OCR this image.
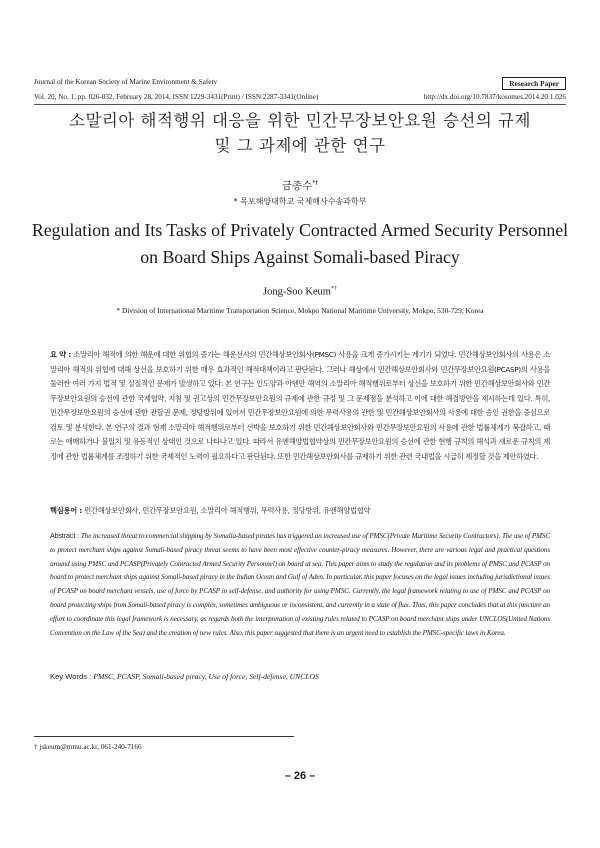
Journal of the Korean Society of Marine Environment & Safety	Research Paper
Vol. 20, No. 1, pp. 026-032, February 28, 2014, ISSN 1229-3431(Print) / ISSN 2287-3341(Online)	http://dx.doi.org/10.7837/kosomes.2014.20.1.026
소말리아 해적행위 대응을 위한 민간무장보안요원 승선의 규제
및 그 과제에 관한 연구
금종수*†
* 목포해양대학교 국제해사수송과학부
Regulation and Its Tasks of Privately Contracted Armed Security Personnel
on Board Ships Against Somali-based Piracy
Jong-Soo Keum*†
* Division of International Maritime Transportation Science, Mokpo National Maritime University, Mokpo, 530-729, Korea
요 약 : 소말리아 해적에 의한 해운에 대한 위협의 증가는 해운선사의 민간해상보안회사(PMSC) 사용을 크게 증가시키는 계기가 되었다. 민간해상보안회사의 사용은 소말리아 해적의 위협에 대해 상선을 보호하기 위한 매우 효과적인 해적대책이라고 판단된다. 그러나 해상에서 민간해상보안회사와 민간무장보안요원(PCASP)의 사용을 둘러싼 여러 가지 법적 및 실질적인 문제가 발생하고 있다. 본 연구는 인도양과 아덴만 해역의 소말리아 해적행위로부터 상선을 보호하기 위한 민간해상보안회사와 민간무장보안요원의 승선에 관한 국제협약, 지침 및 권고상의 민간무장보안요원의 규제에 관한 규정 및 그 문제점을 분석하고 이에 대한 해결방안을 제시하는데 있다. 특히, 민간무장보안요원의 승선에 관한 관할권 문제, 정당방위에 있어서 민간무장보안요원에 의한 무력사용의 관한 및 민간해상보안회사의 사용에 대한 승인 권한을 중심으로 검토 및 분석한다. 본 연구의 결과 현재 소말리아 해적행위로부터 선박을 보호하기 위한 민간해상보안회사와 민간무장보안요원의 사용에 관한 법률체계가 복잡하고, 때로는 애매하거나 불일치 및 유동적인 상태인 것으로 나타나고 있다. 따라서 유엔해양법협약상의 민간무장보안요원의 승선에 관한 현행 규칙의 해석과 새로운 규칙의 제정에 관한 법률체계를 조정하기 위한 국제적인 노력이 필요하다고 판단된다. 또한 민간해상보안회사를 규제하기 위한 관련 국내법을 시급히 제정할 것을 제안하였다.
핵심용어 : 민간해상보안회사, 민간무장보안요원, 소말리아 해적행위, 무력사용, 정당방위, 유엔해양법협약
Abstract : The increased threat to commercial shipping by Somalia-based pirates has triggered an increased use of PMSC(Private Maritime Security Contractors). The use of PMSC to protect merchant ships against Somali-based piracy threat seems to have been most effective counter-piracy measures. However, there are various legal and practical questions around using PMSC and PCASP(Privately Contracted Armed Security Personnel) on board at sea. This paper aims to study the regulation and its problems of PMSC and PCASP on board to protect merchant ships against Somali-based piracy in the Indian Ocean and Gulf of Aden. In particular, this paper focuses on the legal issues including jurisdictional issues of PCASP on board merchant vessels, use of force by PCASP in self-defense, and authority for using PMSC. Currently, the legal framework relating to use of PMSC and PCASP on board protecting ships from Somali-based piracy is complex, sometimes ambiguous or inconsistent, and currently in a state of flux. Thus, this paper concludes that at this juncture an effort to coordinate this legal framework is necessary, as regards both the interpretation of existing rules related to PCASP on board merchant ships under UNCLOS(United Nations Convention on the Law of the Sea) and the creation of new rules. Also, this paper suggested that there is an urgent need to establish the PMSC-specific laws in Korea.
Key Words : PMSC, PCASP, Somali-based piracy, Use of force, Self-defense, UNCLOS
† jskeum@mmu.ac.kr, 061-240-7166
– 26 –
